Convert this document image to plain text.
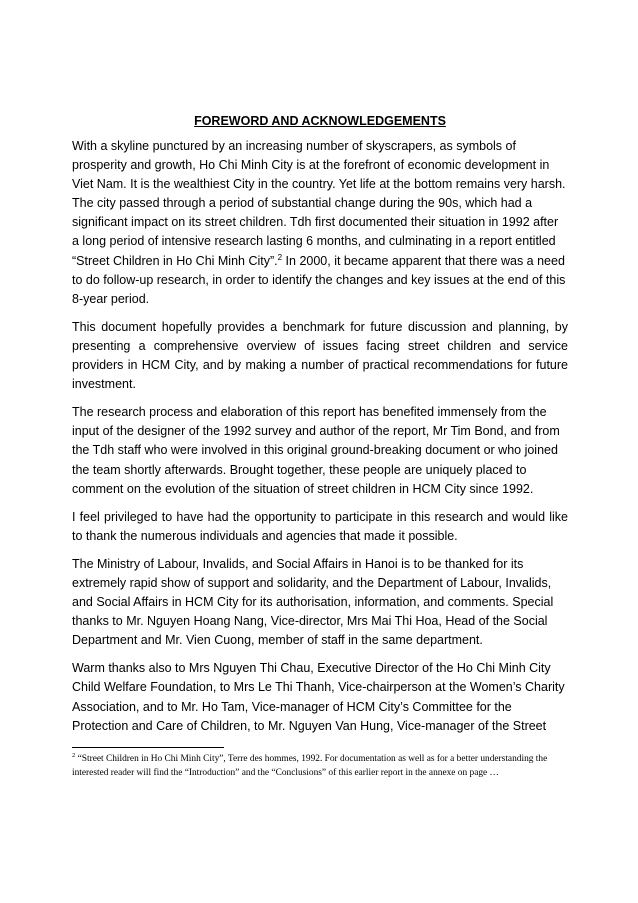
FOREWORD AND ACKNOWLEDGEMENTS

With a skyline punctured by an increasing number of skyscrapers, as symbols of prosperity and growth, Ho Chi Minh City is at the forefront of economic development in Viet Nam. It is the wealthiest City in the country. Yet life at the bottom remains very harsh. The city passed through a period of substantial change during the 90s, which had a significant impact on its street children. Tdh first documented their situation in 1992 after a long period of intensive research lasting 6 months, and culminating in a report entitled “Street Children in Ho Chi Minh City”.$^2$ In 2000, it became apparent that there was a need to do follow-up research, in order to identify the changes and key issues at the end of this 8-year period.

This document hopefully provides a benchmark for future discussion and planning, by presenting a comprehensive overview of issues facing street children and service providers in HCM City, and by making a number of practical recommendations for future investment.

The research process and elaboration of this report has benefited immensely from the input of the designer of the 1992 survey and author of the report, Mr Tim Bond, and from the Tdh staff who were involved in this original ground-breaking document or who joined the team shortly afterwards. Brought together, these people are uniquely placed to comment on the evolution of the situation of street children in HCM City since 1992.

I feel privileged to have had the opportunity to participate in this research and would like to thank the numerous individuals and agencies that made it possible.

The Ministry of Labour, Invalids, and Social Affairs in Hanoi is to be thanked for its extremely rapid show of support and solidarity, and the Department of Labour, Invalids, and Social Affairs in HCM City for its authorisation, information, and comments. Special thanks to Mr. Nguyen Hoang Nang, Vice-director, Mrs Mai Thi Hoa, Head of the Social Department and Mr. Vien Cuong, member of staff in the same department.

Warm thanks also to Mrs Nguyen Thi Chau, Executive Director of the Ho Chi Minh City Child Welfare Foundation, to Mrs Le Thi Thanh, Vice-chairperson at the Women’s Charity Association, and to Mr. Ho Tam, Vice-manager of HCM City’s Committee for the Protection and Care of Children, to Mr. Nguyen Van Hung, Vice-manager of the Street

$^2$ “Street Children in Ho Chi Minh City”, Terre des hommes, 1992. For documentation as well as for a better understanding the interested reader will find the “Introduction” and the “Conclusions” of this earlier report in the annexe on page …
